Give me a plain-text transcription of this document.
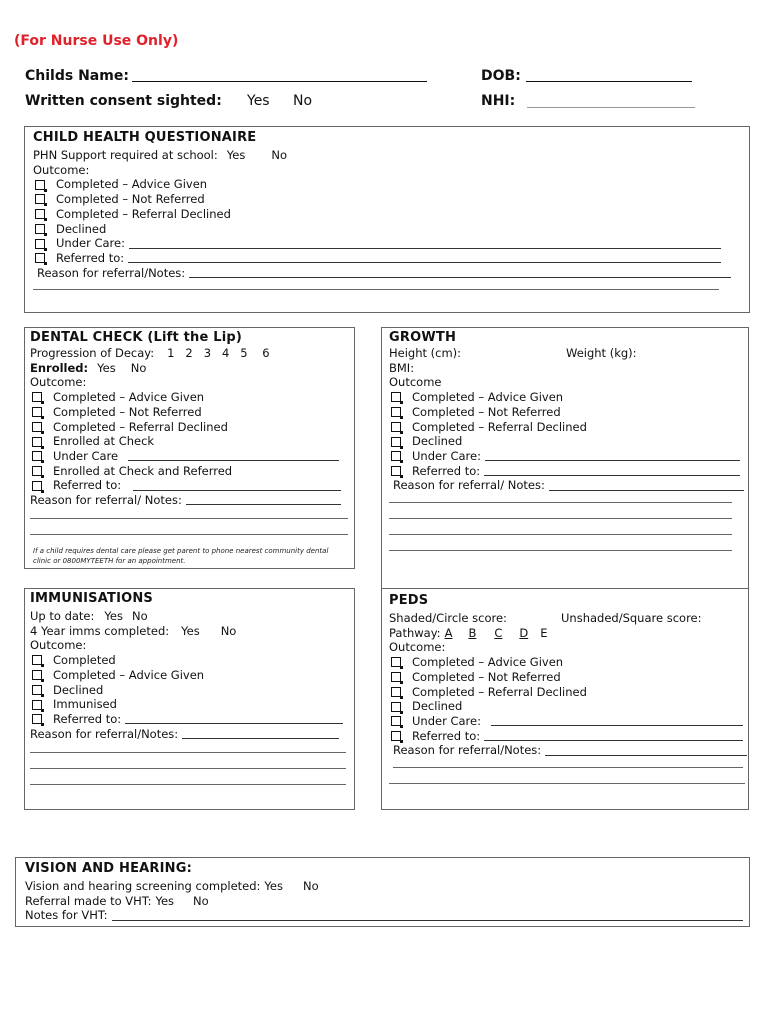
(For Nurse Use Only)
Childs Name:	DOB:
Written consent sighted: Yes No	NHI:
CHILD HEALTH QUESTIONAIRE
PHN Support required at school: Yes No
Outcome:
Completed – Advice Given
Completed – Not Referred
Completed – Referral Declined
Declined
Under Care:
Referred to:
Reason for referral/Notes:
DENTAL CHECK (Lift the Lip)
Progression of Decay: 1   2   3   4   5    6
Enrolled: Yes No
Outcome:
Completed – Advice Given
Completed – Not Referred
Completed – Referral Declined
Enrolled at Check
Under Care
Enrolled at Check and Referred
Referred to:
Reason for referral/ Notes:
If a child requires dental care please get parent to phone nearest community dental clinic or 0800MYTEETH for an appointment.
GROWTH
Height (cm):	Weight (kg):
BMI:
Outcome
Completed – Advice Given
Completed – Not Referred
Completed – Referral Declined
Declined
Under Care:
Referred to:
Reason for referral/ Notes:
IMMUNISATIONS
Up to date: Yes No
4 Year imms completed: Yes No
Outcome:
Completed
Completed – Advice Given
Declined
Immunised
Referred to:
Reason for referral/Notes:
PEDS
Shaded/Circle score:	Unshaded/Square score:
Pathway: A B C D E
Outcome:
Completed – Advice Given
Completed – Not Referred
Completed – Referral Declined
Declined
Under Care:
Referred to:
Reason for referral/Notes:
VISION AND HEARING:
Vision and hearing screening completed: Yes No
Referral made to VHT: Yes No
Notes for VHT:
